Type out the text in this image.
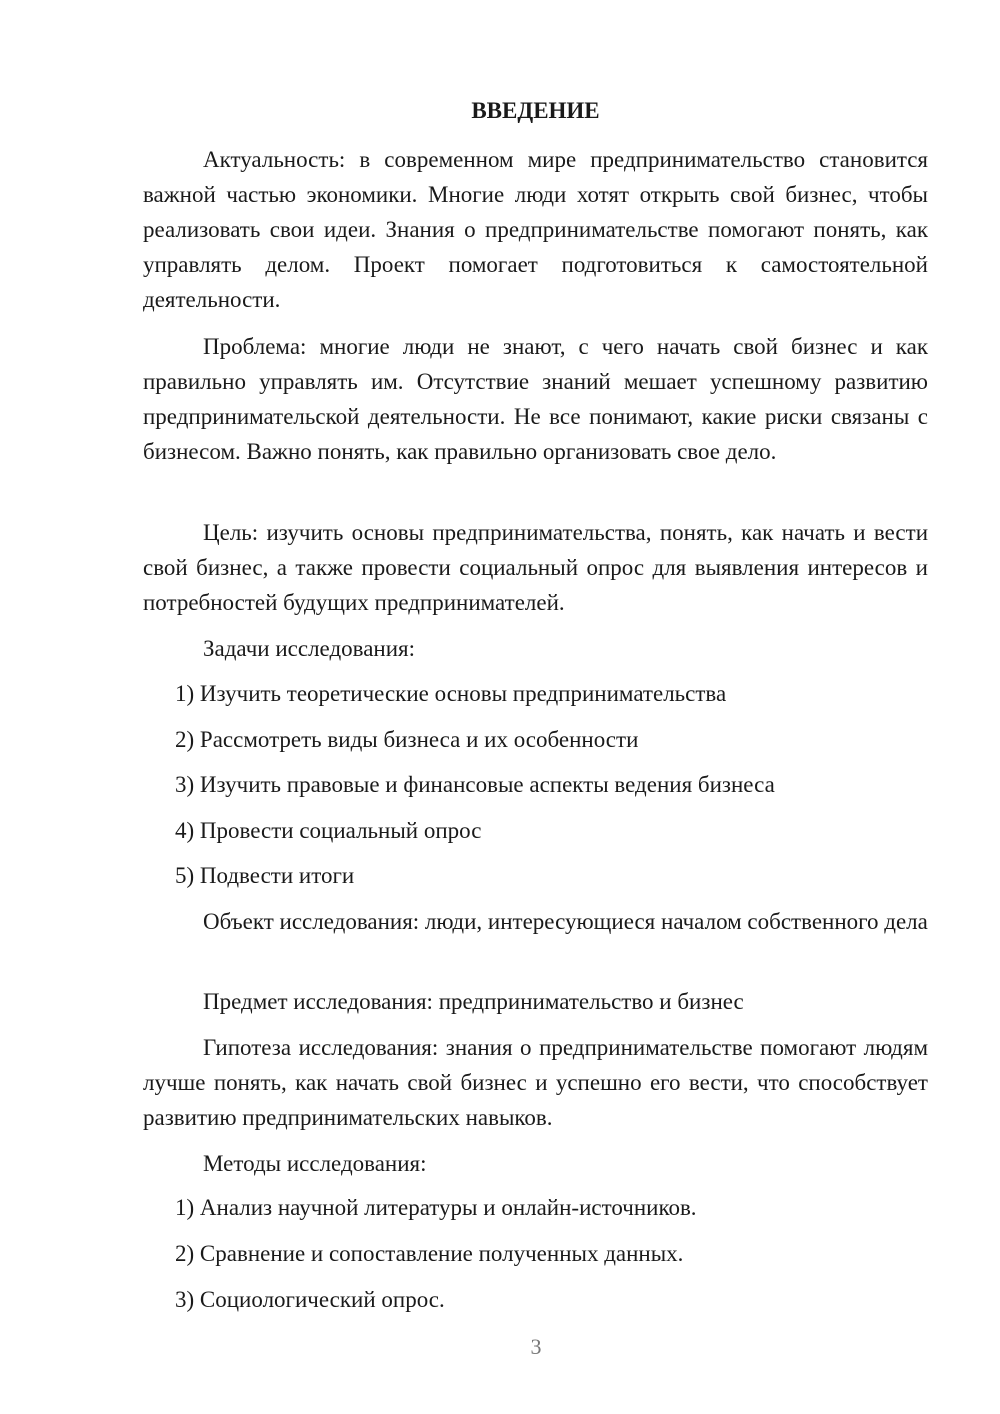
ВВЕДЕНИЕ

Актуальность: в современном мире предпринимательство становится важной частью экономики. Многие люди хотят открыть свой бизнес, чтобы реализовать свои идеи. Знания о предпринимательстве помогают понять, как управлять делом. Проект помогает подготовиться к самостоятельной деятельности.

Проблема: многие люди не знают, с чего начать свой бизнес и как правильно управлять им. Отсутствие знаний мешает успешному развитию предпринимательской деятельности. Не все понимают, какие риски связаны с бизнесом. Важно понять, как правильно организовать свое дело.

Цель: изучить основы предпринимательства, понять, как начать и вести свой бизнес, а также провести социальный опрос для выявления интересов и потребностей будущих предпринимателей.

Задачи исследования:

1) Изучить теоретические основы предпринимательства

2) Рассмотреть виды бизнеса и их особенности

3) Изучить правовые и финансовые аспекты ведения бизнеса

4) Провести социальный опрос

5) Подвести итоги

Объект исследования: люди, интересующиеся началом собственного дела

Предмет исследования: предпринимательство и бизнес

Гипотеза исследования: знания о предпринимательстве помогают людям лучше понять, как начать свой бизнес и успешно его вести, что способствует развитию предпринимательских навыков.

Методы исследования:

1) Анализ научной литературы и онлайн-источников.

2) Сравнение и сопоставление полученных данных.

3) Социологический опрос.

3
